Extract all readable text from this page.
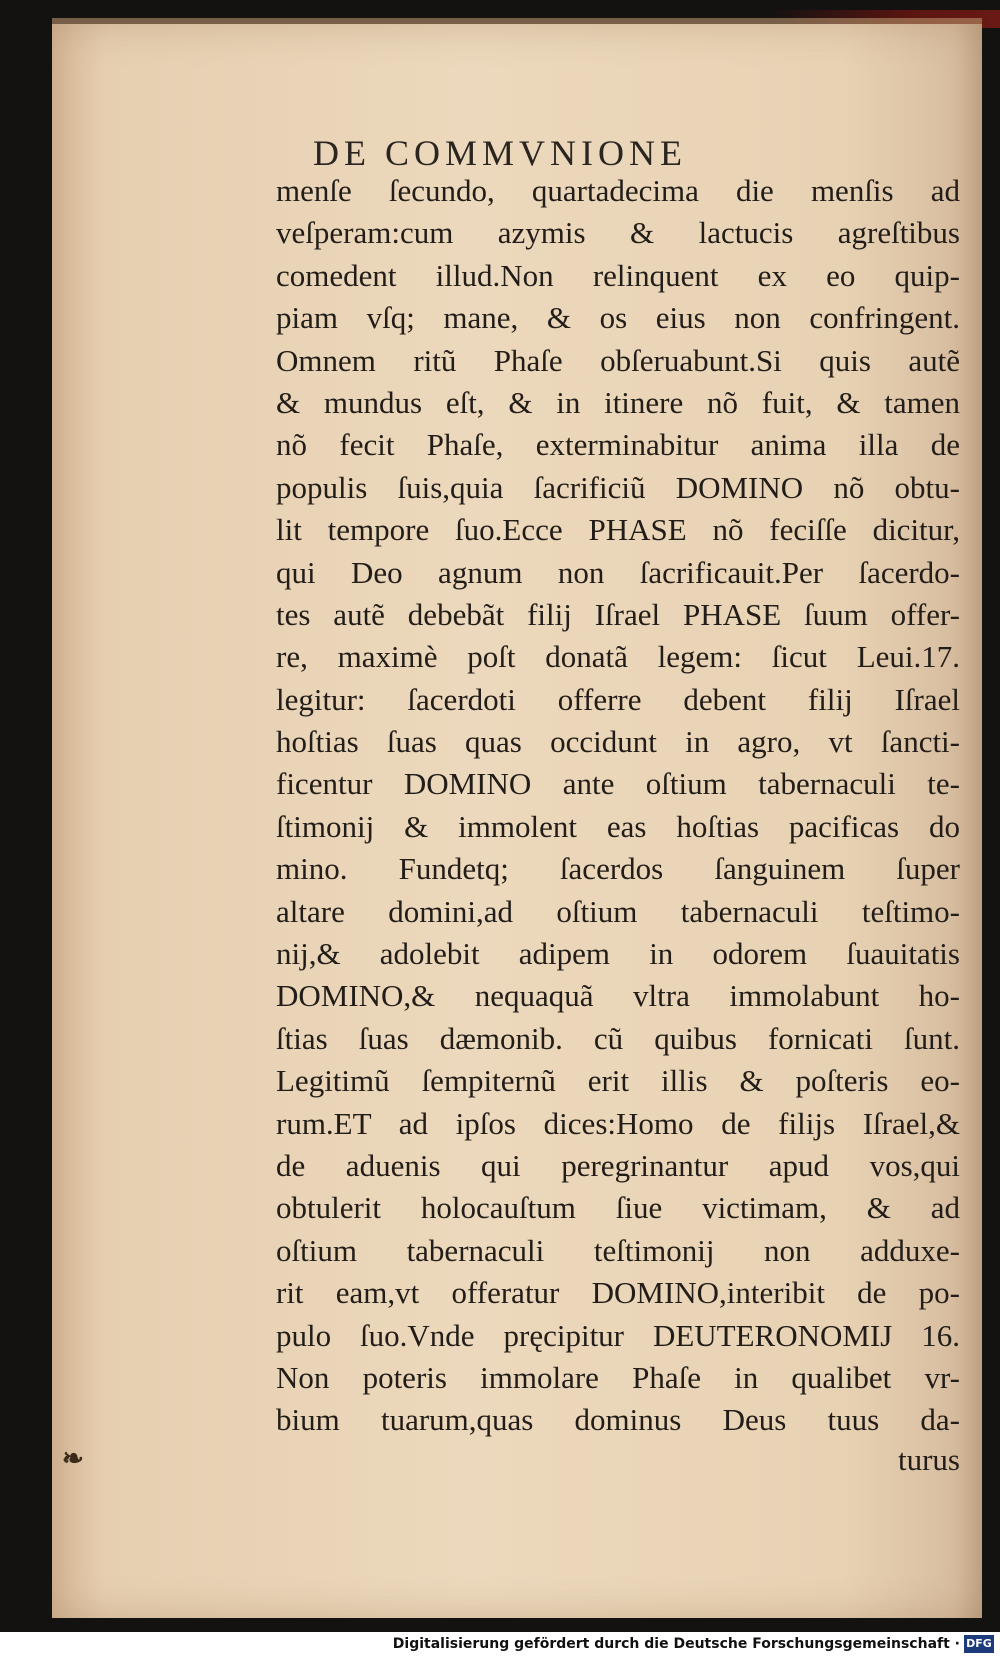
DE COMMVNIONE
menſe ſecundo, quartadecima die menſis ad
veſperam:cum azymis & lactucis agreſtibus
comedent illud.Non relinquent ex eo quip-
piam vſq; mane, & os eius non confringent.
Omnem ritũ Phaſe obſeruabunt.Si quis autẽ
& mundus eſt, & in itinere nõ fuit, & tamen
nõ fecit Phaſe, exterminabitur anima illa de
populis ſuis,quia ſacrificiũ DOMINO nõ obtu-
lit tempore ſuo.Ecce PHASE nõ feciſſe dicitur,
qui Deo agnum non ſacrificauit.Per ſacerdo-
tes autẽ debebãt filij Iſrael PHASE ſuum offer-
re, maximè poſt donatã legem: ſicut Leui.17.
legitur: ſacerdoti offerre debent filij Iſrael
hoſtias ſuas quas occidunt in agro, vt ſancti-
ficentur DOMINO ante oſtium tabernaculi te-
ſtimonij & immolent eas hoſtias pacificas do
mino. Fundetq; ſacerdos ſanguinem ſuper
altare domini,ad oſtium tabernaculi teſtimo-
nij,& adolebit adipem in odorem ſuauitatis
DOMINO,& nequaquã vltra immolabunt ho-
ſtias ſuas dæmonib. cũ quibus fornicati ſunt.
Legitimũ ſempiternũ erit illis & poſteris eo-
rum.ET ad ipſos dices:Homo de filijs Iſrael,&
de aduenis qui peregrinantur apud vos,qui
obtulerit holocauſtum ſiue victimam, & ad
oſtium tabernaculi teſtimonij non adduxe-
rit eam,vt offeratur DOMINO,interibit de po-
pulo ſuo.Vnde pręcipitur DEUTERONOMIJ 16.
Non poteris immolare Phaſe in qualibet vr-
bium tuarum,quas dominus Deus tuus da-
❧	turus
Digitalisierung gefördert durch die Deutsche Forschungsgemeinschaft · DFG
